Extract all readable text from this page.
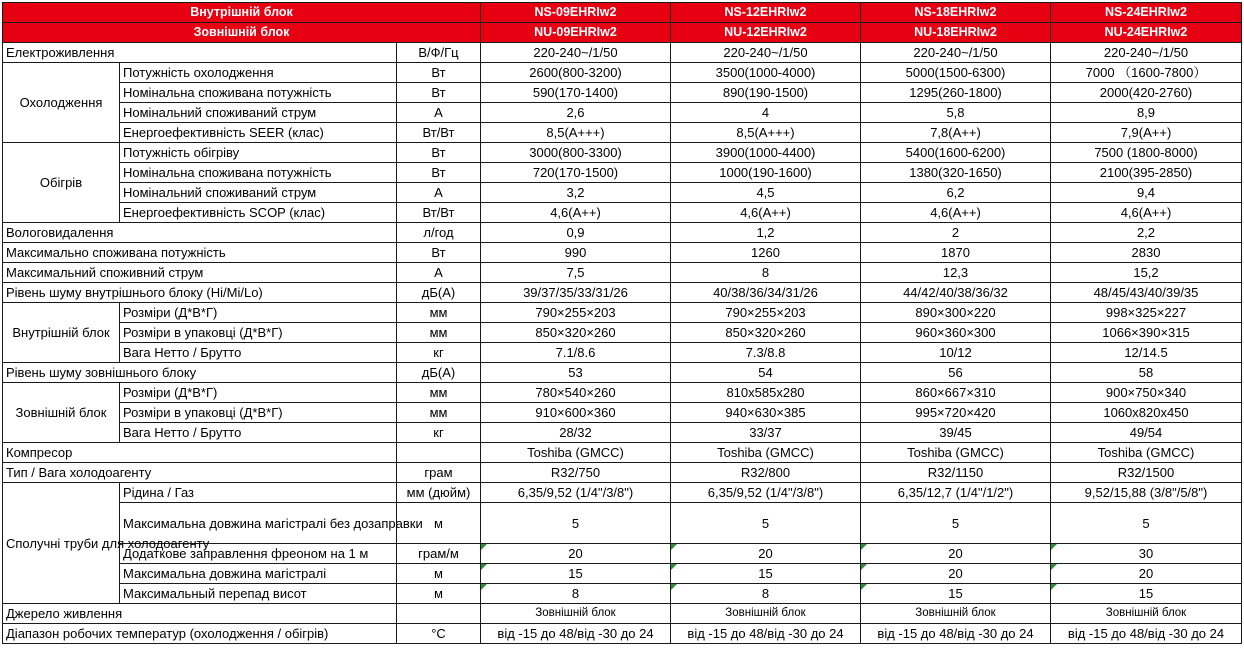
Внутрішній блок			NS-09EHRIw2	NS-12EHRIw2	NS-18EHRIw2	NS-24EHRIw2
Зовнішній блок			NU-09EHRIw2	NU-12EHRIw2	NU-18EHRIw2	NU-24EHRIw2
Електроживлення		В/Ф/Гц	220-240~/1/50	220-240~/1/50	220-240~/1/50	220-240~/1/50
Охолодження	Потужність охолодження	Вт	2600(800-3200)	3500(1000-4000)	5000(1500-6300)	7000 （1600-7800）
	Номінальна споживана потужність	Вт	590(170-1400)	890(190-1500)	1295(260-1800)	2000(420-2760)
	Номінальний споживаний струм	А	2,6	4	5,8	8,9
	Енергоефективність SEER (клас)	Вт/Вт	8,5(А+++)	8,5(А+++)	7,8(А++)	7,9(А++)
Обігрів	Потужність обігріву	Вт	3000(800-3300)	3900(1000-4400)	5400(1600-6200)	7500 (1800-8000)
	Номінальна споживана потужність	Вт	720(170-1500)	1000(190-1600)	1380(320-1650)	2100(395-2850)
	Номінальний споживаний струм	А	3,2	4,5	6,2	9,4
	Енергоефективність SCOP (клас)	Вт/Вт	4,6(А++)	4,6(А++)	4,6(А++)	4,6(А++)
Вологовидалення		л/год	0,9	1,2	2	2,2
Максимально споживана потужність		Вт	990	1260	1870	2830
Максимальний споживний струм		А	7,5	8	12,3	15,2
Рівень шуму внутрішнього блоку (Hi/Mi/Lo)		дБ(А)	39/37/35/33/31/26	40/38/36/34/31/26	44/42/40/38/36/32	48/45/43/40/39/35
Внутрішній блок	Розміри (Д*В*Г)	мм	790×255×203	790×255×203	890×300×220	998×325×227
	Розміри в упаковці (Д*В*Г)	мм	850×320×260	850×320×260	960×360×300	1066×390×315
	Вага Нетто / Брутто	кг	7.1/8.6	7.3/8.8	10/12	12/14.5
Рівень шуму зовнішнього блоку		дБ(А)	53	54	56	58
Зовнішній блок	Розміри (Д*В*Г)	мм	780×540×260	810x585x280	860×667×310	900×750×340
	Розміри в упаковці (Д*В*Г)	мм	910×600×360	940×630×385	995×720×420	1060x820x450
	Вага Нетто / Брутто	кг	28/32	33/37	39/45	49/54
Компресор			Toshiba (GMCC)	Toshiba (GMCC)	Toshiba (GMCC)	Toshiba (GMCC)
Тип / Вага холодоагенту		грам	R32/750	R32/800	R32/1150	R32/1500
Сполучні труби для холодоагенту	Рідина / Газ	мм (дюйм)	6,35/9,52 (1/4"/3/8")	6,35/9,52 (1/4"/3/8")	6,35/12,7 (1/4"/1/2")	9,52/15,88 (3/8"/5/8")
	Максимальна довжина магістралі без дозаправки	м	5	5	5	5
	Додаткове заправлення фреоном на 1 м	грам/м	20	20	20	30
	Максимальна довжина магістралі	м	15	15	20	20
	Максимальный перепад висот	м	8	8	15	15
Джерело живлення			Зовнішній блок	Зовнішній блок	Зовнішній блок	Зовнішній блок
Діапазон робочих температур (охолодження / обігрів)		°C	від -15 до 48/від -30 до 24	від -15 до 48/від -30 до 24	від -15 до 48/від -30 до 24	від -15 до 48/від -30 до 24
